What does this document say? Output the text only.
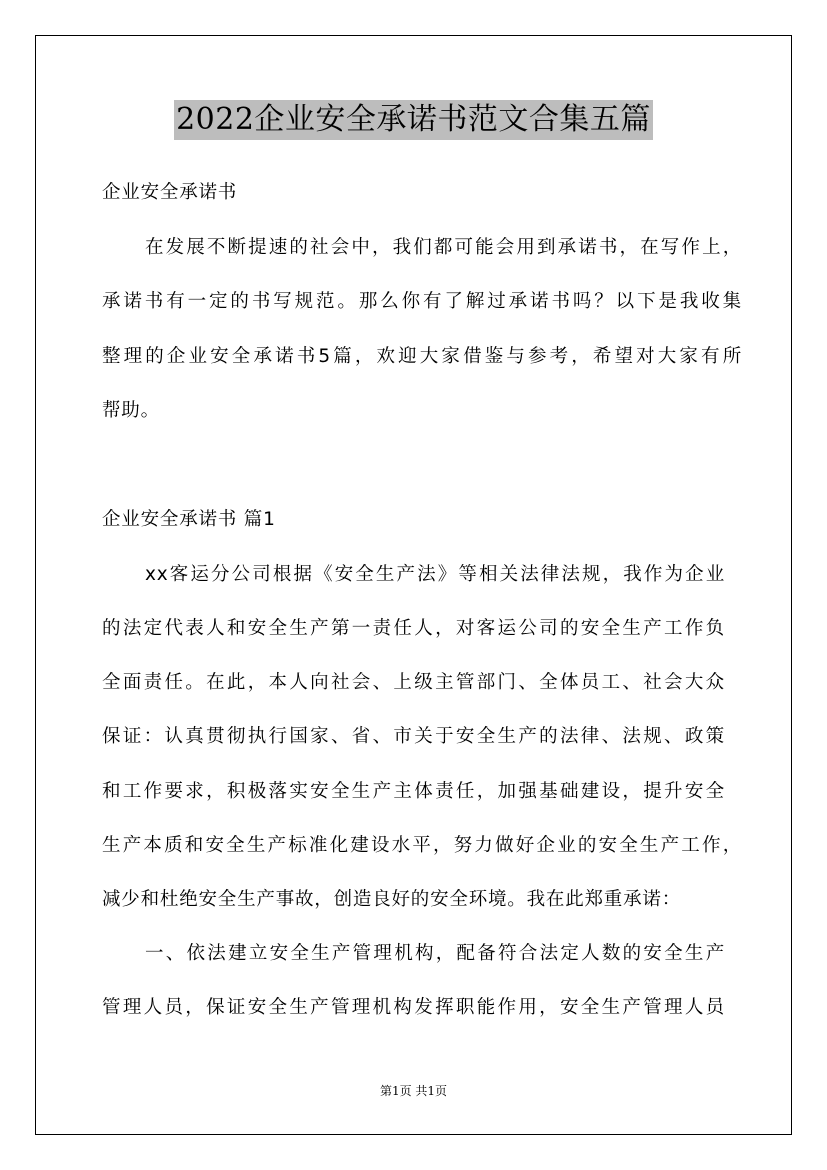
2022企业安全承诺书范文合集五篇
企业安全承诺书
在发展不断提速的社会中，我们都可能会用到承诺书，在写作上，
承诺书有一定的书写规范。那么你有了解过承诺书吗？以下是我收集
整理的企业安全承诺书5篇，欢迎大家借鉴与参考，希望对大家有所
帮助。
企业安全承诺书 篇1
xx客运分公司根据《安全生产法》等相关法律法规，我作为企业
的法定代表人和安全生产第一责任人，对客运公司的安全生产工作负
全面责任。在此，本人向社会、上级主管部门、全体员工、社会大众
保证：认真贯彻执行国家、省、市关于安全生产的法律、法规、政策
和工作要求，积极落实安全生产主体责任，加强基础建设，提升安全
生产本质和安全生产标准化建设水平，努力做好企业的安全生产工作，
减少和杜绝安全生产事故，创造良好的安全环境。我在此郑重承诺：
一、依法建立安全生产管理机构，配备符合法定人数的安全生产
管理人员，保证安全生产管理机构发挥职能作用，安全生产管理人员
第1页 共1页
